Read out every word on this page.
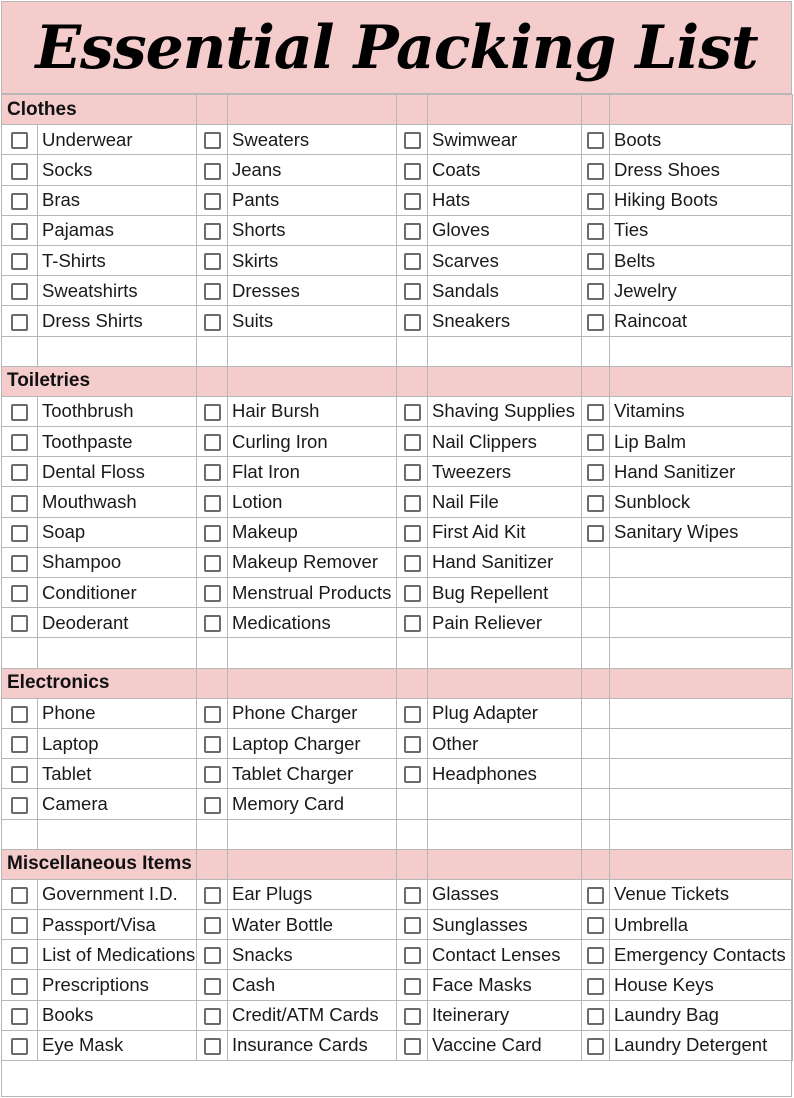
Essential Packing List
Clothes							
	Underwear		Sweaters		Swimwear		Boots
	Socks		Jeans		Coats		Dress Shoes
	Bras		Pants		Hats		Hiking Boots
	Pajamas		Shorts		Gloves		Ties
	T-Shirts		Skirts		Scarves		Belts
	Sweatshirts		Dresses		Sandals		Jewelry
	Dress Shirts		Suits		Sneakers		Raincoat

Toiletries							
	Toothbrush		Hair Bursh		Shaving Supplies		Vitamins
	Toothpaste		Curling Iron		Nail Clippers		Lip Balm
	Dental Floss		Flat Iron		Tweezers		Hand Sanitizer
	Mouthwash		Lotion		Nail File		Sunblock
	Soap		Makeup		First Aid Kit		Sanitary Wipes
	Shampoo		Makeup Remover		Hand Sanitizer		
	Conditioner		Menstrual Products		Bug Repellent		
	Deoderant		Medications		Pain Reliever		

Electronics							
	Phone		Phone Charger		Plug Adapter		
	Laptop		Laptop Charger		Other		
	Tablet		Tablet Charger		Headphones		
	Camera		Memory Card				

Miscellaneous Items							
	Government I.D.		Ear Plugs		Glasses		Venue Tickets
	Passport/Visa		Water Bottle		Sunglasses		Umbrella
	List of Medications		Snacks		Contact Lenses		Emergency Contacts
	Prescriptions		Cash		Face Masks		House Keys
	Books		Credit/ATM Cards		Iteinerary		Laundry Bag
	Eye Mask		Insurance Cards		Vaccine Card		Laundry Detergent
